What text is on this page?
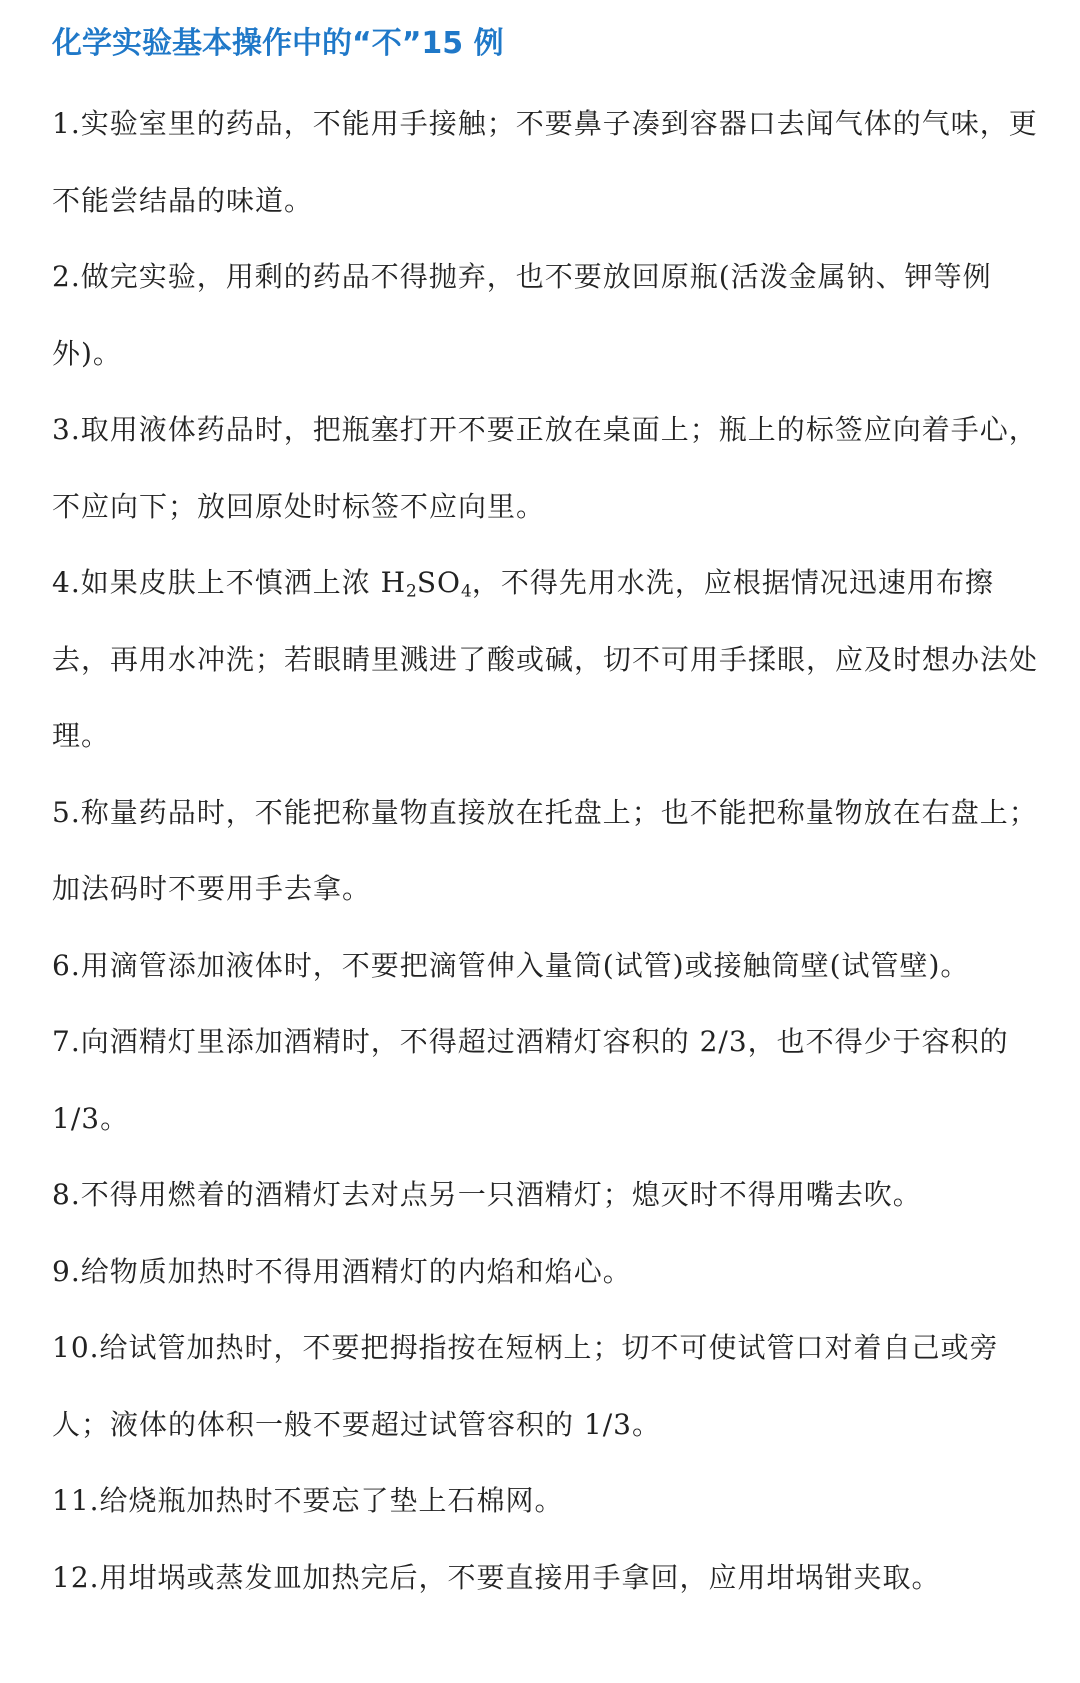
化学实验基本操作中的“不”15 例

1.实验室里的药品，不能用手接触；不要鼻子凑到容器口去闻气体的气味，更不能尝结晶的味道。

2.做完实验，用剩的药品不得抛弃，也不要放回原瓶(活泼金属钠、钾等例外)。

3.取用液体药品时，把瓶塞打开不要正放在桌面上；瓶上的标签应向着手心，不应向下；放回原处时标签不应向里。

4.如果皮肤上不慎洒上浓 $H_2SO_4$，不得先用水洗，应根据情况迅速用布擦去，再用水冲洗；若眼睛里溅进了酸或碱，切不可用手揉眼，应及时想办法处理。

5.称量药品时，不能把称量物直接放在托盘上；也不能把称量物放在右盘上；加法码时不要用手去拿。

6.用滴管添加液体时，不要把滴管伸入量筒(试管)或接触筒壁(试管壁)。

7.向酒精灯里添加酒精时，不得超过酒精灯容积的 2/3，也不得少于容积的 1/3。

8.不得用燃着的酒精灯去对点另一只酒精灯；熄灭时不得用嘴去吹。

9.给物质加热时不得用酒精灯的内焰和焰心。

10.给试管加热时，不要把拇指按在短柄上；切不可使试管口对着自己或旁人；液体的体积一般不要超过试管容积的 1/3。

11.给烧瓶加热时不要忘了垫上石棉网。

12.用坩埚或蒸发皿加热完后，不要直接用手拿回，应用坩埚钳夹取。
